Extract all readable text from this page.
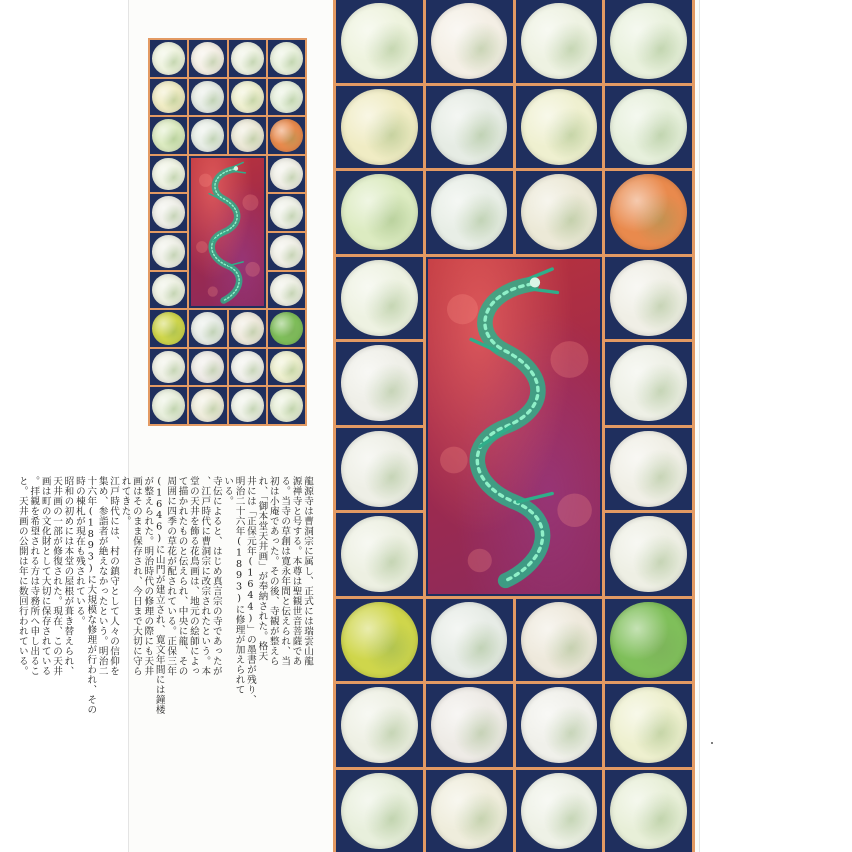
龍源寺は曹洞宗に属し、正式には瑞雲山龍
源禅寺と号する。本尊は聖観世音菩薩であ
る。当寺の草創は寛永年間と伝えられ、当
初は小庵であった。その後、寺観が整えら
れ、「御本堂天井画」が奉納された。格天
井には「正保元年(1644)」の墨書が残り、
明治二十六年(1893)に修理が加えられて
いる。
寺伝によると、はじめ真言宗の寺であったが
、江戸時代に曹洞宗に改宗されたという。本
堂の天井を飾る花鳥画は、地元の絵師によっ
て描かれたものと伝えられ、中央に龍、その
周囲に四季の草花が配されている。正保三年
(1646)に山門が建立され、寛文年間には鐘楼
が整えられた。明治時代の修理の際にも天井
画はそのまま保存され、今日まで大切に守ら
れてきた。
江戸時代には、村の鎮守として人々の信仰を
集め、参詣者が絶えなかったという。明治二
十六年(1893)に大規模な修理が行われ、その
時の棟札が現在も残されている。
昭和の初めには本堂の屋根が葺き替えられ、
天井画の一部が修復された。現在、この天井
画は町の文化財として大切に保存されている
。拝観を希望される方は寺務所へ申し出るこ
と。天井画の公開は年に数回行われている。
